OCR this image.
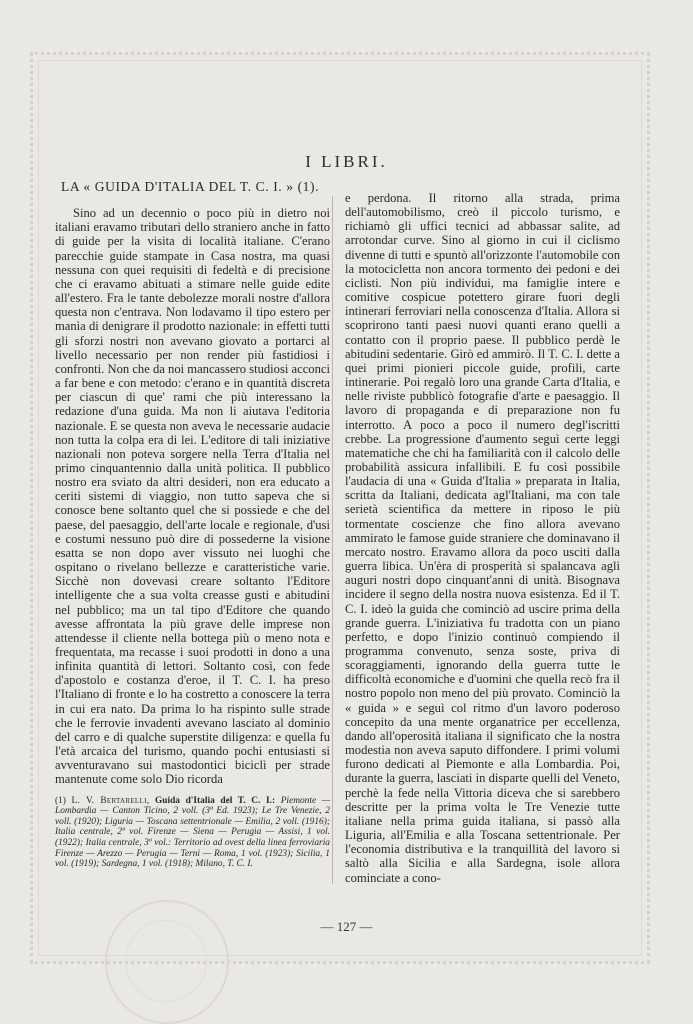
I LIBRI.
LA « GUIDA D'ITALIA DEL T. C. I. » (1).

Sino ad un decennio o poco più in dietro noi italiani eravamo tributari dello straniero anche in fatto di guide per la visita di località italiane. C'erano parecchie guide stampate in Casa nostra, ma quasi nessuna con quei requisiti di fedeltà e di precisione che ci eravamo abituati a stimare nelle guide edite all'estero. Fra le tante debolezze morali nostre d'allora questa non c'entrava. Non lodavamo il tipo estero per manìa di denigrare il prodotto nazionale: in effetti tutti gli sforzi nostri non avevano giovato a portarci al livello necessario per non render più fastidiosi i confronti. Non che da noi mancassero studiosi acconci a far bene e con metodo: c'erano e in quantità discreta per ciascun di que' rami che più interessano la redazione d'una guida. Ma non li aiutava l'editoria nazionale. E se questa non aveva le necessarie audacie non tutta la colpa era di lei. L'editore di tali iniziative nazionali non poteva sorgere nella Terra d'Italia nel primo cinquantennio dalla unità politica. Il pubblico nostro era sviato da altri desideri, non era educato a ceriti sistemi di viaggio, non tutto sapeva che si conosce bene soltanto quel che si possiede e che del paese, del paesaggio, dell'arte locale e regionale, d'usi e costumi nessuno può dire di possederne la visione esatta se non dopo aver vissuto nei luoghi che ospitano o rivelano bellezze e caratteristiche varie. Sicchè non dovevasi creare soltanto l'Editore intelligente che a sua volta creasse gusti e abitudini nel pubblico; ma un tal tipo d'Editore che quando avesse affrontata la più grave delle imprese non attendesse il cliente nella bottega più o meno nota e frequentata, ma recasse i suoi prodotti in dono a una infinita quantità di lettori. Soltanto così, con fede d'apostolo e costanza d'eroe, il T. C. I. ha preso l'Italiano di fronte e lo ha costretto a conoscere la terra in cui era nato. Da prima lo ha rispinto sulle strade che le ferrovie invadenti avevano lasciato al dominio del carro e di qualche superstite diligenza: e quella fu l'età arcaica del turismo, quando pochi entusiasti si avventuravano sui mastodontici biciclì per strade mantenute come solo Dio ricorda

(1) L. V. Bertarelli, Guida d'Italia del T. C. I.: Piemonte — Lombardia — Canton Ticino, 2 voll. (3ª Ed. 1923); Le Tre Venezie, 2 voll. (1920); Liguria — Toscana settentrionale — Emilia, 2 voll. (1916); Italia centrale, 2º vol. Firenze — Siena — Perugia — Assisi, 1 vol. (1922); Italia centrale, 3º vol.: Territorio ad ovest della linea ferroviaria Firenze — Arezzo — Perugia — Terni — Roma, 1 vol. (1923); Sicilia, 1 vol. (1919); Sardegna, 1 vol. (1918); Milano, T. C. I.

e perdona. Il ritorno alla strada, prima dell'automobilismo, creò il piccolo turismo, e richiamò gli uffici tecnici ad abbassar salite, ad arrotondar curve. Sino al giorno in cui il ciclismo divenne di tutti e spuntò all'orizzonte l'automobile con la motocicletta non ancora tormento dei pedoni e dei ciclisti. Non più individui, ma famiglie intere e comitive cospicue potettero girare fuori degli intinerari ferroviari nella conoscenza d'Italia. Allora si scoprirono tanti paesi nuovi quanti erano quelli a contatto con il proprio paese. Il pubblico perdè le abitudini sedentarie. Girò ed ammirò. Il T. C. I. dette a quei primi pionieri piccole guide, profili, carte intinerarie. Poi regalò loro una grande Carta d'Italia, e nelle riviste pubblicò fotografie d'arte e paesaggio. Il lavoro di propaganda e di preparazione non fu interrotto. A poco a poco il numero degl'iscritti crebbe. La progressione d'aumento seguì certe leggi matematiche che chi ha familiarità con il calcolo delle probabilità assicura infallibili. E fu così possibile l'audacia di una « Guida d'Italia » preparata in Italia, scritta da Italiani, dedicata agl'Italiani, ma con tale serietà scientifica da mettere in riposo le più tormentate coscienze che fino allora avevano ammirato le famose guide straniere che dominavano il mercato nostro. Eravamo allora da poco usciti dalla guerra libica. Un'èra di prosperità si spalancava agli auguri nostri dopo cinquant'anni di unità. Bisognava incidere il segno della nostra nuova esistenza. Ed il T. C. I. ideò la guida che cominciò ad uscire prima della grande guerra. L'iniziativa fu tradotta con un piano perfetto, e dopo l'inizio continuò compiendo il programma convenuto, senza soste, priva di scoraggiamenti, ignorando della guerra tutte le difficoltà economiche e d'uomini che quella recò fra il nostro popolo non meno del più provato. Cominciò la « guida » e seguì col ritmo d'un lavoro poderoso concepito da una mente organatrice per eccellenza, dando all'operosità italiana il significato che la nostra modestia non aveva saputo diffondere. I primi volumi furono dedicati al Piemonte e alla Lombardia. Poi, durante la guerra, lasciati in disparte quelli del Veneto, perchè la fede nella Vittoria diceva che si sarebbero descritte per la prima volta le Tre Venezie tutte italiane nella prima guida italiana, si passò alla Liguria, all'Emilia e alla Toscana settentrionale. Per l'economia distributiva e la tranquillità del lavoro si saltò alla Sicilia e alla Sardegna, isole allora cominciate a cono-

— 127 —
